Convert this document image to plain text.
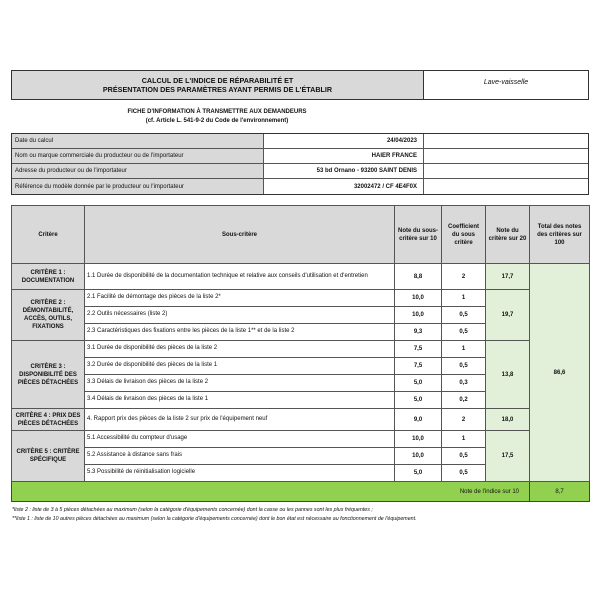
CALCUL DE L'INDICE DE RÉPARABILITÉ ET
PRÉSENTATION DES PARAMÈTRES AYANT PERMIS DE L'ÉTABLIR
Lave-vaisselle
FICHE D'INFORMATION À TRANSMETTRE AUX DEMANDEURS
(cf. Article L. 541-9-2 du Code de l'environnement)
Date du calcul	24/04/2023
Nom ou marque commerciale du producteur ou de l'importateur	HAIER FRANCE
Adresse du producteur ou de l'importateur	53 bd Ornano - 93200 SAINT DENIS
Référence du modèle donnée par le producteur ou l'importateur	32002472 / CF 4E4F0X
Critère	Sous-critère	Note du sous-critère sur 10	Coefficient du sous critère	Note du critère sur 20	Total des notes des critères sur 100
CRITÈRE 1 : DOCUMENTATION	1.1 Durée de disponibilité de la documentation technique et relative aux conseils d'utilisation et d'entretien	8,8	2	17,7	86,6
CRITÈRE 2 : DÉMONTABILITÉ, ACCÈS, OUTILS, FIXATIONS	2.1 Facilité de démontage des pièces de la liste 2*	10,0	1	19,7	
	2.2 Outils nécessaires (liste 2)	10,0	0,5		
	2.3 Caractéristiques des fixations entre les pièces de la liste 1** et de la liste 2	9,3	0,5		
CRITÈRE 3 : DISPONIBILITÉ DES PIÈCES DÉTACHÉES	3.1 Durée de disponibilité des pièces de la liste 2	7,5	1	13,8	
	3.2 Durée de disponibilité des pièces de la liste 1	7,5	0,5		
	3.3 Délais de livraison des pièces de la liste 2	5,0	0,3		
	3.4 Délais de livraison des pièces de la liste 1	5,0	0,2		
CRITÈRE 4 : PRIX DES PIÈCES DÉTACHÉES	4. Rapport prix des pièces de la liste 2 sur prix de l'équipement neuf	9,0	2	18,0	
CRITÈRE 5 : CRITÈRE SPÉCIFIQUE	5.1 Accessibilité du compteur d'usage	10,0	1	17,5	
	5.2 Assistance à distance sans frais	10,0	0,5		
	5.3 Possibilité de réinitialisation logicielle	5,0	0,5		
Note de l'indice sur 10					8,7
*liste 2 : liste de 3 à 5 pièces détachées au maximum (selon la catégorie d'équipements concernée) dont la casse ou les pannes sont les plus fréquentes ;
**liste 1 : liste de 10 autres pièces détachées au maximum (selon la catégorie d'équipements concernée) dont le bon état est nécessaire au fonctionnement de l'équipement.
